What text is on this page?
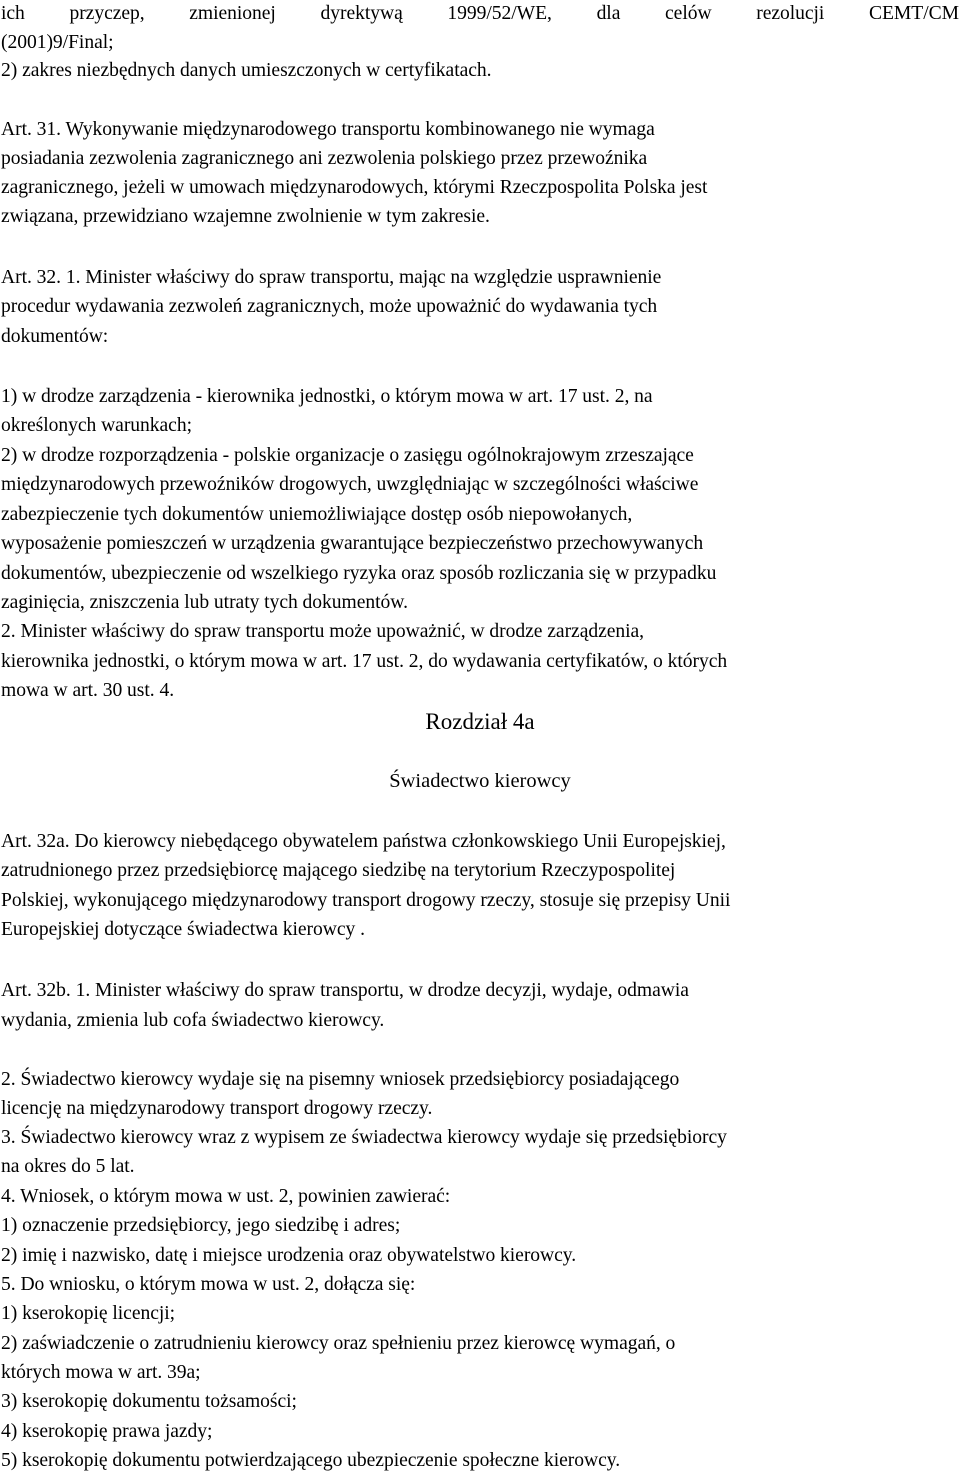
ich przyczep, zmienionej dyrektywą 1999/52/WE, dla celów rezolucji CEMT/CM
(2001)9/Final;
2) zakres niezbędnych danych umieszczonych w certyfikatach.
Art. 31. Wykonywanie międzynarodowego transportu kombinowanego nie wymaga
posiadania zezwolenia zagranicznego ani zezwolenia polskiego przez przewoźnika
zagranicznego, jeżeli w umowach międzynarodowych, którymi Rzeczpospolita Polska jest
związana, przewidziano wzajemne zwolnienie w tym zakresie.
Art. 32. 1. Minister właściwy do spraw transportu, mając na względzie usprawnienie
procedur wydawania zezwoleń zagranicznych, może upoważnić do wydawania tych
dokumentów:
1) w drodze zarządzenia - kierownika jednostki, o którym mowa w art. 17 ust. 2, na
określonych warunkach;
2) w drodze rozporządzenia - polskie organizacje o zasięgu ogólnokrajowym zrzeszające
międzynarodowych przewoźników drogowych, uwzględniając w szczególności właściwe
zabezpieczenie tych dokumentów uniemożliwiające dostęp osób niepowołanych,
wyposażenie pomieszczeń w urządzenia gwarantujące bezpieczeństwo przechowywanych
dokumentów, ubezpieczenie od wszelkiego ryzyka oraz sposób rozliczania się w przypadku
zaginięcia, zniszczenia lub utraty tych dokumentów.
2. Minister właściwy do spraw transportu może upoważnić, w drodze zarządzenia,
kierownika jednostki, o którym mowa w art. 17 ust. 2, do wydawania certyfikatów, o których
mowa w art. 30 ust. 4.
Rozdział 4a
Świadectwo kierowcy
Art. 32a. Do kierowcy niebędącego obywatelem państwa członkowskiego Unii Europejskiej,
zatrudnionego przez przedsiębiorcę mającego siedzibę na terytorium Rzeczypospolitej
Polskiej, wykonującego międzynarodowy transport drogowy rzeczy, stosuje się przepisy Unii
Europejskiej dotyczące świadectwa kierowcy .
Art. 32b. 1. Minister właściwy do spraw transportu, w drodze decyzji, wydaje, odmawia
wydania, zmienia lub cofa świadectwo kierowcy.
2. Świadectwo kierowcy wydaje się na pisemny wniosek przedsiębiorcy posiadającego
licencję na międzynarodowy transport drogowy rzeczy.
3. Świadectwo kierowcy wraz z wypisem ze świadectwa kierowcy wydaje się przedsiębiorcy
na okres do 5 lat.
4. Wniosek, o którym mowa w ust. 2, powinien zawierać:
1) oznaczenie przedsiębiorcy, jego siedzibę i adres;
2) imię i nazwisko, datę i miejsce urodzenia oraz obywatelstwo kierowcy.
5. Do wniosku, o którym mowa w ust. 2, dołącza się:
1) kserokopię licencji;
2) zaświadczenie o zatrudnieniu kierowcy oraz spełnieniu przez kierowcę wymagań, o
których mowa w art. 39a;
3) kserokopię dokumentu tożsamości;
4) kserokopię prawa jazdy;
5) kserokopię dokumentu potwierdzającego ubezpieczenie społeczne kierowcy.
